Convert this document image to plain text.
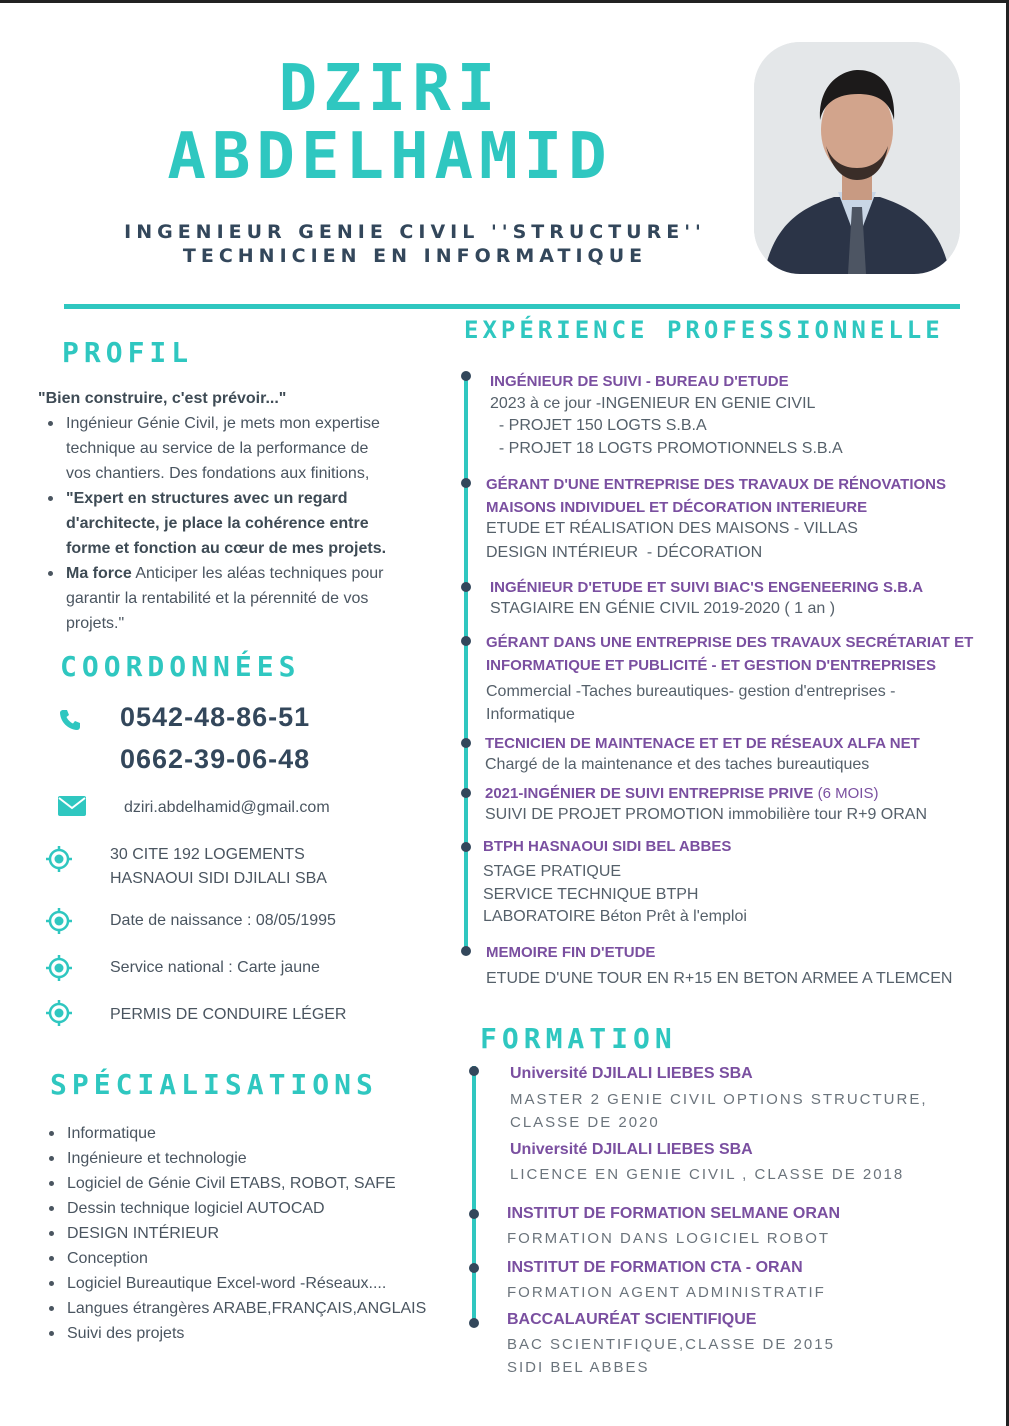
DZIRI
ABDELHAMID
INGENIEUR GENIE CIVIL ''STRUCTURE''
TECHNICIEN EN INFORMATIQUE
PROFIL
"Bien construire, c'est prévoir..."
Ingénieur Génie Civil, je mets mon expertise
technique au service de la performance de
vos chantiers. Des fondations aux finitions,
"Expert en structures avec un regard
d'architecte, je place la cohérence entre
forme et fonction au cœur de mes projets.
Ma force Anticiper les aléas techniques pour
garantir la rentabilité et la pérennité de vos
projets."
COORDONNÉES
0542-48-86-51
0662-39-06-48
dziri.abdelhamid@gmail.com
30 CITE 192 LOGEMENTS
HASNAOUI SIDI DJILALI SBA
Date de naissance : 08/05/1995
Service national : Carte jaune
PERMIS DE CONDUIRE LÉGER
SPÉCIALISATIONS
Informatique
Ingénieure et technologie
Logiciel de Génie Civil ETABS, ROBOT, SAFE
Dessin technique logiciel AUTOCAD
DESIGN INTÉRIEUR
Conception
Logiciel Bureautique Excel-word -Réseaux....
Langues étrangères ARABE,FRANÇAIS,ANGLAIS
Suivi des projets
EXPÉRIENCE PROFESSIONNELLE
INGÉNIEUR DE SUIVI - BUREAU D'ETUDE
2023 à ce jour -INGENIEUR EN GENIE CIVIL
- PROJET 150 LOGTS S.B.A
- PROJET 18 LOGTS PROMOTIONNELS S.B.A
GÉRANT D'UNE ENTREPRISE DES TRAVAUX DE RÉNOVATIONS
MAISONS INDIVIDUEL ET DÉCORATION INTERIEURE
ETUDE ET RÉALISATION DES MAISONS - VILLAS
DESIGN INTÉRIEUR  - DÉCORATION
INGÉNIEUR D'ETUDE ET SUIVI BIAC'S ENGENEERING S.B.A
STAGIAIRE EN GÉNIE CIVIL 2019-2020 ( 1 an )
GÉRANT DANS UNE ENTREPRISE DES TRAVAUX SECRÉTARIAT ET
INFORMATIQUE ET PUBLICITÉ - ET GESTION D'ENTREPRISES
Commercial -Taches bureautiques- gestion d'entreprises -
Informatique
TECNICIEN DE MAINTENACE ET ET DE RÉSEAUX ALFA NET
Chargé de la maintenance et des taches bureautiques
2021-INGÉNIER DE SUIVI ENTREPRISE PRIVE (6 MOIS)
SUIVI DE PROJET PROMOTION immobilière tour R+9 ORAN
BTPH HASNAOUI SIDI BEL ABBES
STAGE PRATIQUE
SERVICE TECHNIQUE BTPH
LABORATOIRE Béton Prêt à l'emploi
MEMOIRE FIN D'ETUDE
ETUDE D'UNE TOUR EN R+15 EN BETON ARMEE A TLEMCEN
FORMATION
Université DJILALI LIEBES SBA
MASTER 2 GENIE CIVIL OPTIONS STRUCTURE,
CLASSE DE 2020
Université DJILALI LIEBES SBA
LICENCE EN GENIE CIVIL , CLASSE DE 2018
INSTITUT DE FORMATION SELMANE ORAN
FORMATION DANS LOGICIEL ROBOT
INSTITUT DE FORMATION CTA - ORAN
FORMATION AGENT ADMINISTRATIF
BACCALAURÉAT SCIENTIFIQUE
BAC SCIENTIFIQUE,CLASSE DE 2015
SIDI BEL ABBES
